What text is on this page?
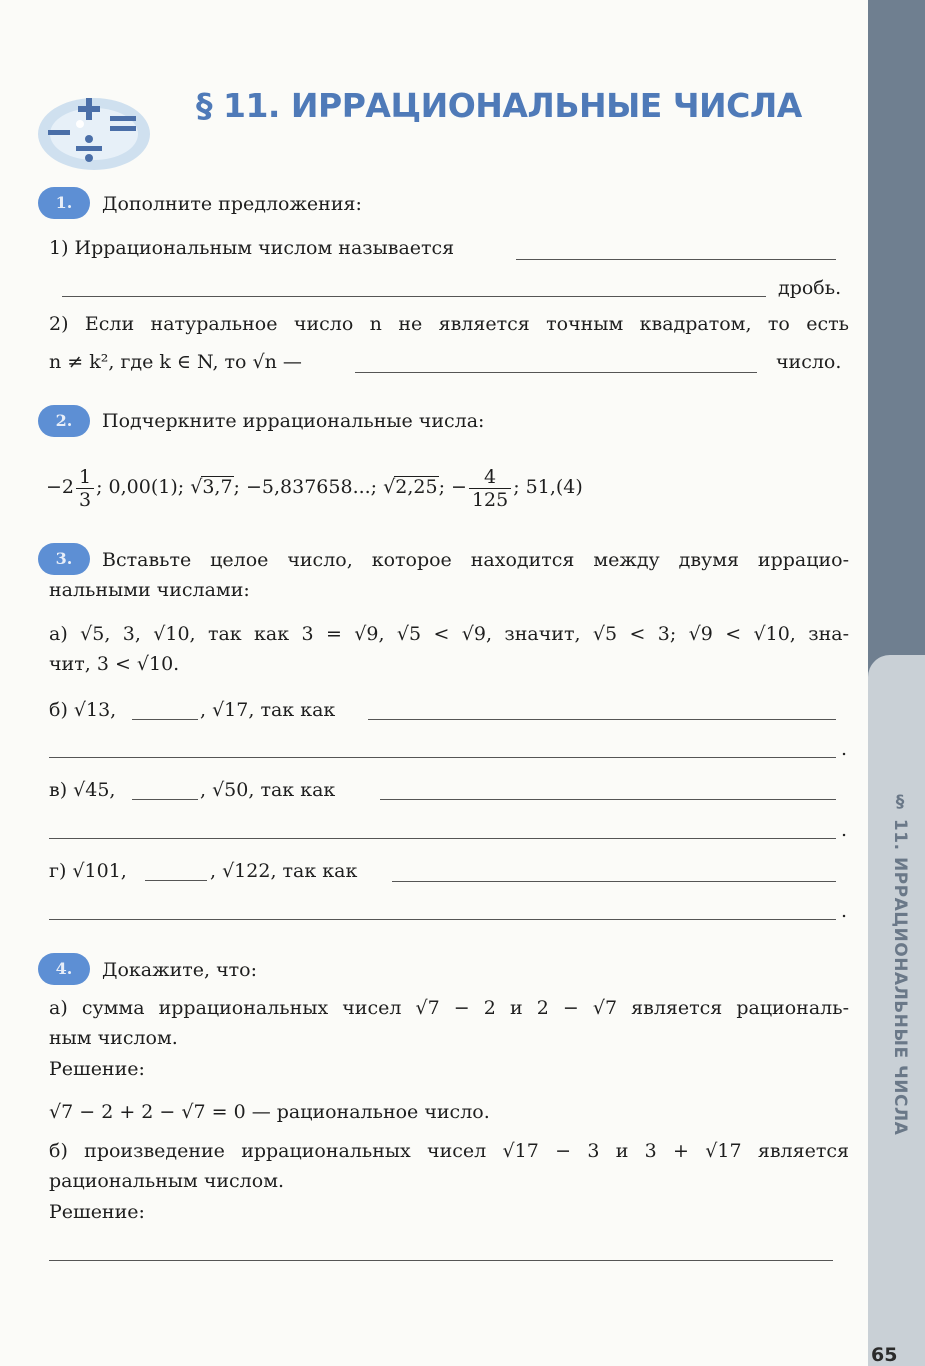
§ 11. ИРРАЦИОНАЛЬНЫЕ ЧИСЛА
65
§ 11. ИРРАЦИОНАЛЬНЫЕ ЧИСЛА
1.	Дополните предложения:
1) Иррациональным числом называется
дробь.
2) Если натуральное число n не является точным квадратом, то есть
n ≠ k², где k ∈ N, то √n —	число.
2.	Подчеркните иррациональные числа:
$-2 \frac{1}{3}$ ; 0,00(1); √3,7; −5,837658...; √2,25; − $\frac{4}{125}$ ; 51,(4)
3.	Вставьте целое число, которое находится между двумя иррацио-
нальными числами:
а) √5, 3, √10, так как 3 = √9, √5 < √9, значит, √5 < 3; √9 < √10, зна-
чит, 3 < √10.
б) √13,	, √17, так как
.
в) √45,	, √50, так как
.
г) √101,	, √122, так как
.
4.	Докажите, что:
а) сумма иррациональных чисел √7 − 2 и 2 − √7 является рациональ-
ным числом.
Решение:
√7 − 2 + 2 − √7 = 0 — рациональное число.
б) произведение иррациональных чисел √17 − 3 и 3 + √17 является
рациональным числом.
Решение:
